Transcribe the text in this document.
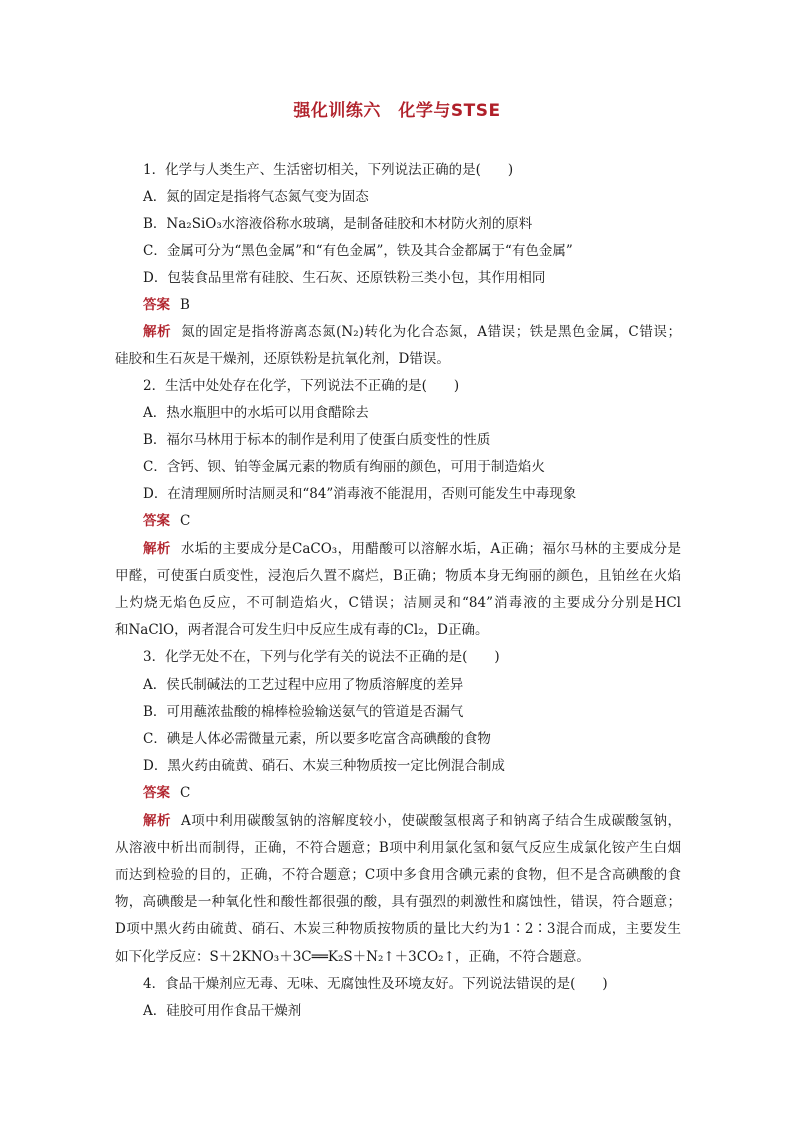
强化训练六　化学与STSE
1．化学与人类生产、生活密切相关，下列说法正确的是(　　)
A．氮的固定是指将气态氮气变为固态
B．Na₂SiO₃水溶液俗称水玻璃，是制备硅胶和木材防火剂的原料
C．金属可分为“黑色金属”和“有色金属”，铁及其合金都属于“有色金属”
D．包装食品里常有硅胶、生石灰、还原铁粉三类小包，其作用相同
答案 B
解析 氮的固定是指将游离态氮(N₂)转化为化合态氮，A错误；铁是黑色金属，C错误；
硅胶和生石灰是干燥剂，还原铁粉是抗氧化剂，D错误。
2．生活中处处存在化学，下列说法不正确的是(　　)
A．热水瓶胆中的水垢可以用食醋除去
B．福尔马林用于标本的制作是利用了使蛋白质变性的性质
C．含钙、钡、铂等金属元素的物质有绚丽的颜色，可用于制造焰火
D．在清理厕所时洁厕灵和“84”消毒液不能混用，否则可能发生中毒现象
答案 C
解析 水垢的主要成分是CaCO₃，用醋酸可以溶解水垢，A正确；福尔马林的主要成分是
甲醛，可使蛋白质变性，浸泡后久置不腐烂，B正确；物质本身无绚丽的颜色，且铂丝在火焰
上灼烧无焰色反应，不可制造焰火，C错误；洁厕灵和“84”消毒液的主要成分分别是HCl
和NaClO，两者混合可发生归中反应生成有毒的Cl₂，D正确。
3．化学无处不在，下列与化学有关的说法不正确的是(　　)
A．侯氏制碱法的工艺过程中应用了物质溶解度的差异
B．可用蘸浓盐酸的棉棒检验输送氨气的管道是否漏气
C．碘是人体必需微量元素，所以要多吃富含高碘酸的食物
D．黑火药由硫黄、硝石、木炭三种物质按一定比例混合制成
答案 C
解析 A项中利用碳酸氢钠的溶解度较小，使碳酸氢根离子和钠离子结合生成碳酸氢钠，
从溶液中析出而制得，正确，不符合题意；B项中利用氯化氢和氨气反应生成氯化铵产生白烟
而达到检验的目的，正确，不符合题意；C项中多食用含碘元素的食物，但不是含高碘酸的食
物，高碘酸是一种氧化性和酸性都很强的酸，具有强烈的刺激性和腐蚀性，错误，符合题意；
D项中黑火药由硫黄、硝石、木炭三种物质按物质的量比大约为1∶2∶3混合而成，主要发生
如下化学反应：S＋2KNO₃＋3C══K₂S＋N₂↑＋3CO₂↑，正确，不符合题意。
4．食品干燥剂应无毒、无味、无腐蚀性及环境友好。下列说法错误的是(　　)
A．硅胶可用作食品干燥剂
